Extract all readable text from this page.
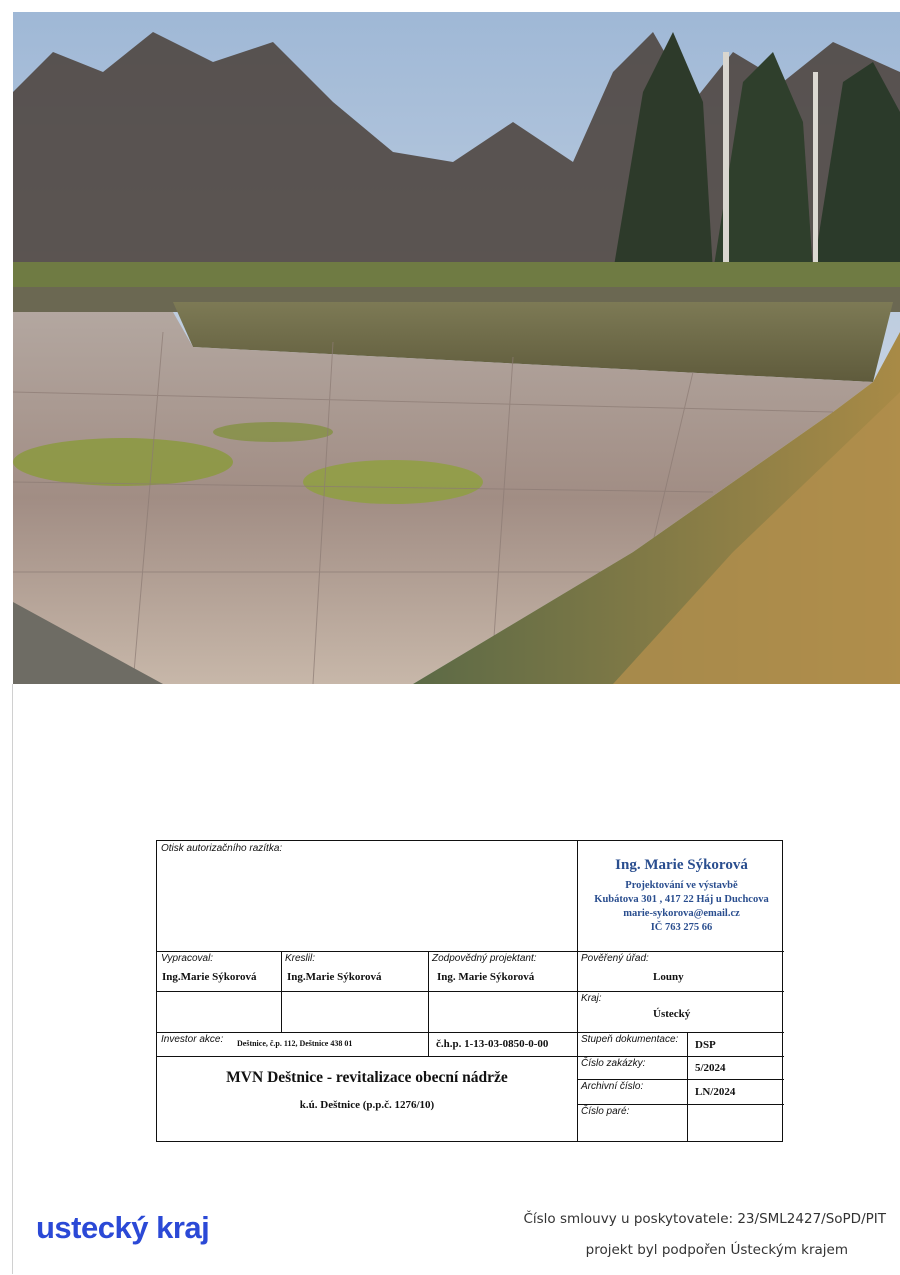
Otisk autorizačního razítka:
Ing. Marie Sýkorová
Projektování ve výstavbě
Kubátova 301 , 417 22 Háj u Duchcova
marie-sykorova@email.cz
IČ 763 275 66
Vypracoval:
Ing.Marie Sýkorová
Kreslil:
Ing.Marie Sýkorová
Zodpovědný projektant:
Ing. Marie Sýkorová
Pověřený úřad:
Louny
Kraj:
Ústecký
Investor akce: Deštnice, č.p. 112, Deštnice 438 01	č.h.p. 1-13-03-0850-0-00	Stupeň dokumentace: DSP
Číslo zakázky:	5/2024
Archivní číslo:	LN/2024
Číslo paré:
MVN Deštnice - revitalizace obecní nádrže
k.ú. Deštnice (p.p.č. 1276/10)
ustecký kraj	Číslo smlouvy u poskytovatele: 23/SML2427/SoPD/PIT
projekt byl podpořen Ústeckým krajem
